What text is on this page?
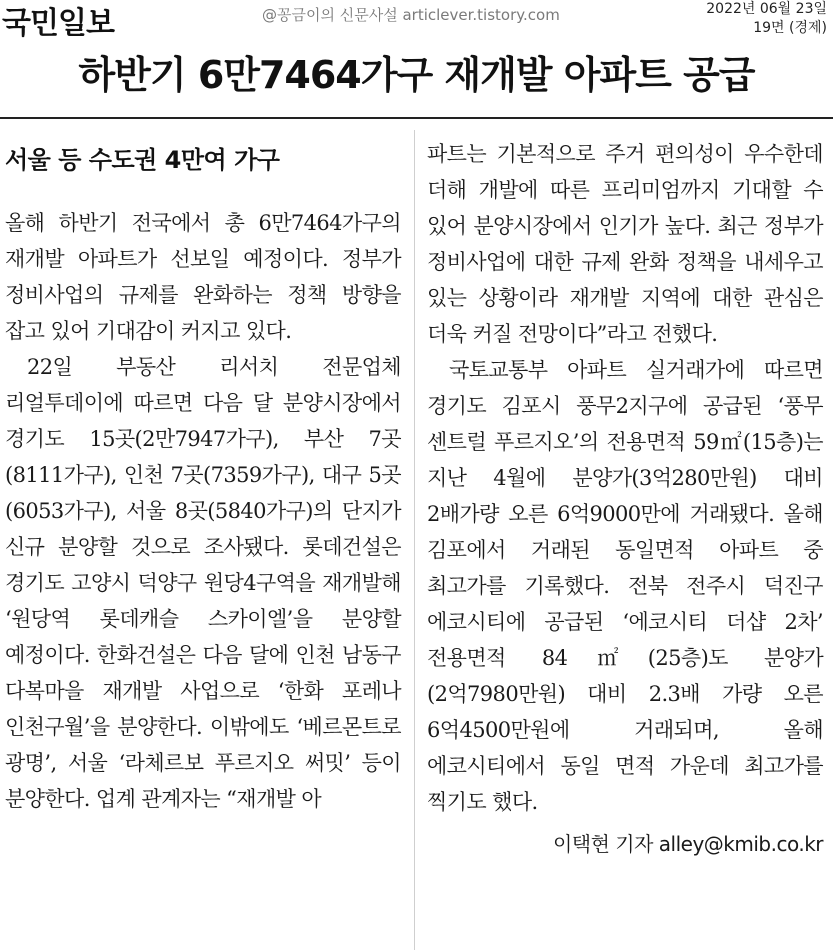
국민일보	@꽁금이의 신문사설 articlever.tistory.com	2022년 06월 23일
19면 (경제)
하반기 6만7464가구 재개발 아파트 공급
서울 등 수도권 4만여 가구

올해 하반기 전국에서 총 6만7464가구의 재개발 아파트가 선보일 예정이다. 정부가 정비사업의 규제를 완화하는 정책 방향을 잡고 있어 기대감이 커지고 있다.

22일 부동산 리서치 전문업체 리얼투데이에 따르면 다음 달 분양시장에서 경기도 15곳(2만7947가구), 부산 7곳(8111가구), 인천 7곳(7359가구), 대구 5곳(6053가구), 서울 8곳(5840가구)의 단지가 신규 분양할 것으로 조사됐다. 롯데건설은 경기도 고양시 덕양구 원당4구역을 재개발해 ‘원당역 롯데캐슬 스카이엘’을 분양할 예정이다. 한화건설은 다음 달에 인천 남동구 다복마을 재개발 사업으로 ‘한화 포레나 인천구월’을 분양한다. 이밖에도 ‘베르몬트로 광명’, 서울 ‘라체르보 푸르지오 써밋’ 등이 분양한다. 업계 관계자는 “재개발 아

파트는 기본적으로 주거 편의성이 우수한데 더해 개발에 따른 프리미엄까지 기대할 수 있어 분양시장에서 인기가 높다. 최근 정부가 정비사업에 대한 규제 완화 정책을 내세우고 있는 상황이라 재개발 지역에 대한 관심은 더욱 커질 전망이다”라고 전했다.

국토교통부 아파트 실거래가에 따르면 경기도 김포시 풍무2지구에 공급된 ‘풍무 센트럴 푸르지오’의 전용면적 59㎡(15층)는 지난 4월에 분양가(3억280만원) 대비 2배가량 오른 6억9000만에 거래됐다. 올해 김포에서 거래된 동일면적 아파트 중 최고가를 기록했다. 전북 전주시 덕진구 에코시티에 공급된 ‘에코시티 더샵 2차’ 전용면적 84㎡(25층)도 분양가(2억7980만원) 대비 2.3배 가량 오른 6억4500만원에 거래되며, 올해 에코시티에서 동일 면적 가운데 최고가를 찍기도 했다.

이택현 기자 alley@kmib.co.kr
